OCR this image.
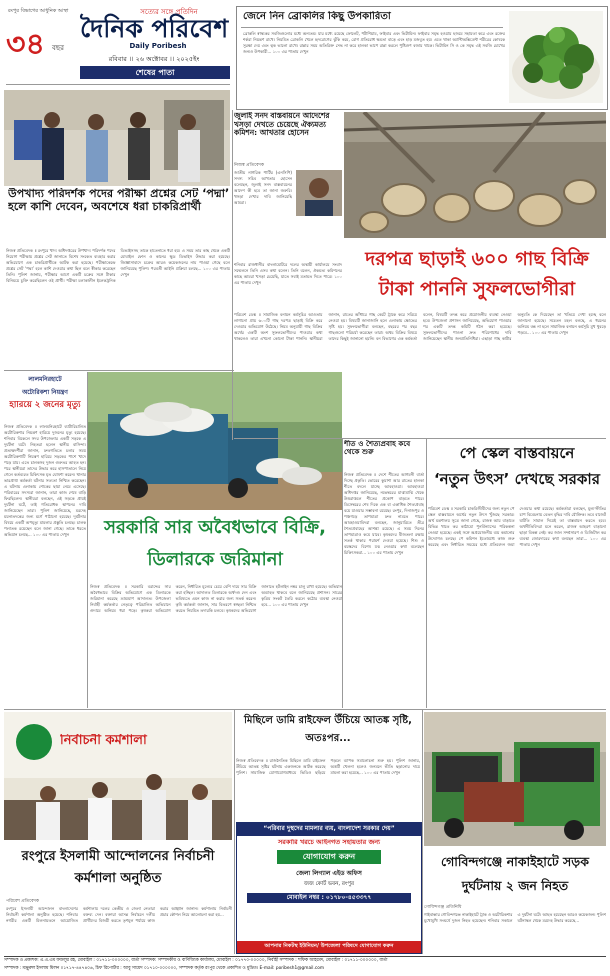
৩৪	বছর
রংপুর বিভাগের আধুনিক আস্থা	সত্যের সঙ্গে প্রতিদিন
দৈনিক পরিবেশ
Daily Poribesh
রবিবার ।। ২৬ অক্টোবর ।। ২০২৫ইং
শেষের পাতা
জেনে নিন ব্রোকলির কিছু উপকারিতা
ব্রোকলি স্বাস্থ্যকর সবজিগুলোর মধ্যে অন্যতম। যার মধ্যে রয়েছে ফোলেট, পটাশিয়াম, ফাইবার এবং ভিটামিন। ফাইবার সমৃদ্ধ হওয়ায় হজমে সহায়তা করে এবং রক্তের শর্করা নিয়ন্ত্রণ রাখে। নিয়মিত ব্রোকলি খেলে হৃদরোগের ঝুঁকি কমে, রোগ প্রতিরোধ ক্ষমতা বাড়ে এবং হাড় মজবুত হয়। এতে থাকা অ্যান্টিঅক্সিডেন্ট শরীরের কোষকে সুরক্ষা দেয় এবং ত্বক ভালো রাখে। রান্নার সময় অতিরিক্ত সেদ্ধ না করে হালকা ভাপে রান্না করলে পুষ্টিগুণ বজায় থাকে। ভিটামিন সি ও কে সমৃদ্ধ এই সবজি চোখের জন্যও উপকারী... ১০০ এর পাতায় দেখুন
উপখাদ্য পরিদর্শক পদের পরীক্ষা প্রশ্নের সেট ‘পদ্মা’ হলে কাশি দেবেন, অবশেষে ধরা চাকরিপ্রার্থী
নিজস্ব প্রতিবেদক ॥ রংপুরে খাদ্য অধিদপ্তরের উপখাদ্য পরিদর্শক পদের নিয়োগ পরীক্ষায় প্রশ্নের সেট জানাতে বিশেষ সংকেত ব্যবহার করার অভিযোগে এক চাকরিপ্রার্থীকে আটক করা হয়েছে। পরীক্ষাকেন্দ্রে প্রশ্নের সেট ‘পদ্মা’ হলে কাশি দেওয়ার কথা ছিল বলে স্বীকার করেছেন তিনি। পুলিশ জানায়, পরীক্ষার আগে একটি চক্রের সঙ্গে টাকার বিনিময়ে চুক্তি করেছিলেন ওই প্রার্থী। পরীক্ষা চলাকালীন ইলেকট্রনিক ডিভাইসসহ তাকে হাতেনাতে ধরা হয়। এ সময় তার কাছ থেকে একটি মোবাইল ফোন ও কানের ক্ষুদ্র ডিভাইস উদ্ধার করা হয়েছে। জিজ্ঞাসাবাদে চক্রের আরও কয়েকজনের নাম পাওয়া গেছে বলে জানিয়েছে পুলিশ। পরবর্তী আইনি প্রক্রিয়া চলছে... ১০০ এর পাতায় দেখুন
জুলাই সনদ বাস্তবায়নে আদেশের খসড়া দেখতে চেয়েছে ঐক্যমত্য কমিশন: আখতার হোসেন
নিজস্ব প্রতিবেদক
জাতীয় নাগরিক পার্টির (এনসিপি) সদস্য সচিব আখতার হোসেন বলেছেন, জুলাই সনদ বাস্তবায়নের আদেশ কী হবে তা জানা জরুরি। খসড়া দেখার দাবি জানিয়েছি আমরা।
শনিবার রাজধানীর বাংলামোটরে দলের অস্থায়ী কার্যালয়ে সংবাদ সম্মেলনে তিনি এসব কথা বলেন। তিনি বলেন, ঐকমত্য কমিশনের কাছে আমরা খসড়া চেয়েছি, যাতে সবাই মতামত দিতে পারে। ১০০ এর পাতায় দেখুন
দরপত্র ছাড়াই ৬০০ গাছ বিক্রি টাকা পাননি সুফলভোগীরা
পরিবেশ ডেস্ক ॥ সামাজিক বনায়ন কর্মসূচির আওতায় লাগানো প্রায় ৬০০টি গাছ দরপত্র ছাড়াই বিক্রি করে দেওয়ার অভিযোগ উঠেছে। নিয়ম অনুযায়ী গাছ বিক্রির অর্থের একটি অংশ সুফলভোগীদের পাওয়ার কথা থাকলেও তারা এখনো কোনো টাকা পাননি। স্থানীয়রা জানান, রাতের আঁধারে গাছ কেটে ট্রাকে করে সরিয়ে নেওয়া হয়। বিষয়টি জানাজানি হলে এলাকায় ক্ষোভের সৃষ্টি হয়। সুফলভোগীরা বলছেন, বছরের পর বছর গাছগুলো পরিচর্যা করেছেন তারা। অথচ বিক্রির বিষয়ে তাদের কিছুই জানানো হয়নি। বন বিভাগের এক কর্মকর্তা বলেন, বিষয়টি তদন্ত করে প্রয়োজনীয় ব্যবস্থা নেওয়া হবে। উপজেলা প্রশাসন জানিয়েছে, অভিযোগ পাওয়ার পর একটি তদন্ত কমিটি গঠন করা হয়েছে। সুফলভোগীদের পাওনা দ্রুত পরিশোধের দাবি জানিয়েছেন স্থানীয় জনপ্রতিনিধিরা। এছাড়া গাছ কাটার অনুমতি কে দিয়েছেন তা খতিয়ে দেখা হচ্ছে বলে জানানো হয়েছে। সচেতন মহল বলছে, এ ধরনের অনিয়ম বন্ধ না হলে সামাজিক বনায়ন কর্মসূচি মুখ থুবড়ে পড়বে... ১০০ এর পাতায় দেখুন
লালমনিরহাটে
অটোরিকশা নিয়ন্ত্রণ
হারিয়ে ২ জনের মৃত্যু
নিজস্ব প্রতিবেদক ॥ লালমনিরহাটে ব্যাটারিচালিত অটোরিকশার নিয়ন্ত্রণ হারিয়ে দুজনের মৃত্যু হয়েছে। শনিবার বিকেলে সদর উপজেলার একটি সড়কে এ দুর্ঘটনা ঘটে। নিহতরা হলেন স্থানীয় বাসিন্দা। প্রত্যক্ষদর্শীরা জানান, দ্রুতগতিতে চলার সময় অটোরিকশাটি নিয়ন্ত্রণ হারিয়ে সড়কের পাশে খাদে পড়ে যায়। এতে চালকসহ দুজন গুরুতর আহত হন। পরে স্থানীয়রা তাদের উদ্ধার করে হাসপাতালে নিয়ে গেলে কর্তব্যরত চিকিৎসক মৃত ঘোষণা করেন। থানার ভারপ্রাপ্ত কর্মকর্তা ঘটনার সত্যতা নিশ্চিত করেছেন। এ ঘটনায় এলাকায় শোকের ছায়া নেমে এসেছে। পরিবারের সদস্যরা জানান, তারা কাজ শেষে বাড়ি ফিরছিলেন। স্থানীয়রা বলছেন, এই সড়কে প্রায়ই দুর্ঘটনা ঘটে, তাই গতিরোধক স্থাপনের দাবি জানিয়েছেন তারা। পুলিশ জানিয়েছে, মরদেহ ময়নাতদন্তের জন্য মর্গে পাঠানো হয়েছে। দুর্ঘটনার বিষয়ে একটি অপমৃত্যু মামলার প্রস্তুতি চলছে। চালক পলাতক রয়েছেন বলে জানা গেছে। তাকে ধরতে অভিযান চলছে... ১০০ এর পাতায় দেখুন
শীত ও শৈত্যপ্রবাহ কবে থেকে শুরু
নিজস্ব প্রতিবেদক ॥ দেশে শীতের আগমনী বার্তা দিচ্ছে প্রকৃতি। ভোরের কুয়াশা আর রাতের হালকা শীতে বদলে যাচ্ছে আবহাওয়া। আবহাওয়া অধিদপ্তর জানিয়েছে, নভেম্বরের মাঝামাঝি থেকে উত্তরাঞ্চলে শীতের প্রকোপ বাড়তে পারে। ডিসেম্বরের শেষ দিকে এক বা একাধিক শৈত্যপ্রবাহ বয়ে যাওয়ার সম্ভাবনা রয়েছে। রংপুর, দিনাজপুর ও পঞ্চগড়ে তাপমাত্রা দ্রুত নামতে পারে। আবহাওয়াবিদরা বলছেন, জানুয়ারিতে তীব্র শৈত্যপ্রবাহের আশঙ্কা রয়েছে। এ সময় দিনের তাপমাত্রাও কমে যাবে। কৃষকদের বীজতলা রক্ষায় সতর্ক থাকার পরামর্শ দেওয়া হয়েছে। শিশু ও বয়স্কদের বিশেষ যত্ন নেওয়ার কথা বলেছেন চিকিৎসকরা... ১০০ এর পাতায় দেখুন
পে স্কেল বাস্তবায়নে
‘নতুন উৎস’ দেখছে সরকার
পরিবেশ ডেস্ক ॥ সরকারি চাকরিজীবীদের জন্য নতুন পে স্কেল বাস্তবায়নে অর্থের নতুন উৎস খুঁজছে সরকার। অর্থ মন্ত্রণালয় সূত্রে জানা গেছে, রাজস্ব আয় বাড়াতে বিভিন্ন খাতে কর কাঠামো পুনর্বিন্যাসের পরিকল্পনা নেওয়া হয়েছে। একই সঙ্গে অপ্রয়োজনীয় ব্যয় কমানোর উদ্যোগও চলছে। পে কমিশন ইতোমধ্যে কাজ শুরু করেছে এবং নির্ধারিত সময়ের মধ্যে প্রতিবেদন জমা দেওয়ার কথা রয়েছে। কর্মকর্তারা বলছেন, মূল্যস্ফীতির চাপ বিবেচনায় বেতন বৃদ্ধির দাবি যৌক্তিক। তবে বাজেট ঘাটতি সামাল দিয়েই তা বাস্তবায়ন করতে হবে। অর্থনীতিবিদরা মনে করেন, রাজস্ব আহরণ বাড়ানো ছাড়া বিকল্প নেই। কর জাল সম্প্রসারণ ও ডিজিটাল কর ব্যবস্থা জোরদারের কথা বলছেন তারা... ১০০ এর পাতায় দেখুন
সরকারি সার অবৈধভাবে বিক্রি, ডিলারকে জরিমানা
নিজস্ব প্রতিবেদক ॥ সরকারি বরাদ্দের সার অবৈধভাবে বিক্রির অভিযোগে এক ডিলারকে জরিমানা করেছে ভ্রাম্যমাণ আদালত। উপজেলা নির্বাহী কর্মকর্তার নেতৃত্বে পরিচালিত অভিযানে গুদামে অনিয়ম ধরা পড়ে। কৃষকরা অভিযোগ করেন, নির্ধারিত মূল্যের চেয়ে বেশি দামে সার বিক্রি করা হচ্ছিল। আদালত ডিলারকে অর্থদণ্ড দেন এবং ভবিষ্যতে এমন কাজ না করার জন্য সতর্ক করেন। কৃষি কর্মকর্তা জানান, সার বিতরণে স্বচ্ছতা নিশ্চিত করতে নিয়মিত তদারকি চলবে। কৃষকদের অভিযোগ জানাতে হটলাইন নম্বর চালু রাখা হয়েছে। অভিযান অব্যাহত থাকবে বলে জানিয়েছে প্রশাসন। সারের কৃত্রিম সংকট তৈরি করলে কঠোর ব্যবস্থা নেওয়া হবে... ১০০ এর পাতায় দেখুন
মিছিলে ডামি রাইফেল উঁচিয়ে আতঙ্ক সৃষ্টি, অতঃপর...
নিজস্ব প্রতিবেদক ॥ রাজনৈতিক মিছিলে ডামি রাইফেল উঁচিয়ে আতঙ্ক সৃষ্টির ঘটনায় একজনকে আটক করেছে পুলিশ। সামাজিক যোগাযোগমাধ্যমে ভিডিও ছড়িয়ে পড়লে ব্যাপক সমালোচনা শুরু হয়। পুলিশ জানায়, অস্ত্রটি খেলনা হলেও জনমনে ভীতি ছড়ানোর দায়ে মামলা করা হয়েছে... ১০০ এর পাতায় দেখুন
নির্বাচনী কর্মশালা
রংপুরে ইসলামী আন্দোলনের নির্বাচনী কর্মশালা অনুষ্ঠিত
পরিবেশ প্রতিবেদক
রংপুরে ইসলামী আন্দোলন বাংলাদেশের নির্বাচনী কর্মশালা অনুষ্ঠিত হয়েছে। শনিবার নগরীর একটি মিলনায়তনে আয়োজিত কর্মশালায় দলের কেন্দ্রীয় ও জেলা নেতারা বক্তব্য দেন। বক্তারা আসন্ন নির্বাচনে দলীয় প্রার্থীদের বিজয়ী করতে তৃণমূল পর্যায়ে কাজ করার আহ্বান জানান। কর্মশালায় নির্বাচনী প্রচার কৌশল নিয়ে আলোচনা করা হয়...
“পরিবার দুস্থদের মামলার ব্যয়, বাংলাদেশ সরকার দেয়”
সরকারি খরচে আইনগত সহায়তার জন্য
যোগাযোগ করুন
জেলা লিগ্যাল এইড অফিস
জজ কোর্ট ভবন, রংপুর
মোবাইল নম্বর : ০১৭৮০-৪৫৩৩৭৭
আপনার নিকটস্থ ইউনিয়ন/ উপজেলা পরিষদে যোগাযোগ করুন
গোবিন্দগঞ্জে নাকাইহাটে সড়ক দুর্ঘটনায় ২ জন নিহত
গোবিন্দগঞ্জ প্রতিনিধি
গাইবান্ধার গোবিন্দগঞ্জে নাকাইহাটে ট্রাক ও অটোরিকশার মুখোমুখি সংঘর্ষে দুজন নিহত হয়েছেন। শনিবার সকালে এ দুর্ঘটনা ঘটে। আহত হয়েছেন আরও কয়েকজন। পুলিশ ঘটনাস্থল থেকে মরদেহ উদ্ধার করেছে...
সম্পাদক ও প্রকাশক: এ.এ.এম ফজলুর রহ, মোবাইল : ০১৭১১-০০০০০০, বার্তা সম্পাদক: সম্পাদকীয় ও বাণিজ্যিক কার্যালয়, মোবাইল : ০১৭৭০-০০০০০, নির্বাহী সম্পাদক : শফিক আহমেদ, মোবাইল : ০১৭১১-০০০০০০, বার্তা
সম্পাদক : মঞ্জুরুল ইসলাম মিলন ০১৭১৭-৪৪৭৪০৬, চিফ রিপোর্টার : আবু সায়েদ ০১৭১০-০০০০০০, সম্পাদক কর্তৃক রংপুর থেকে প্রকাশিত ও মুদ্রিত। E-mail: poribesh1@gmail.com
